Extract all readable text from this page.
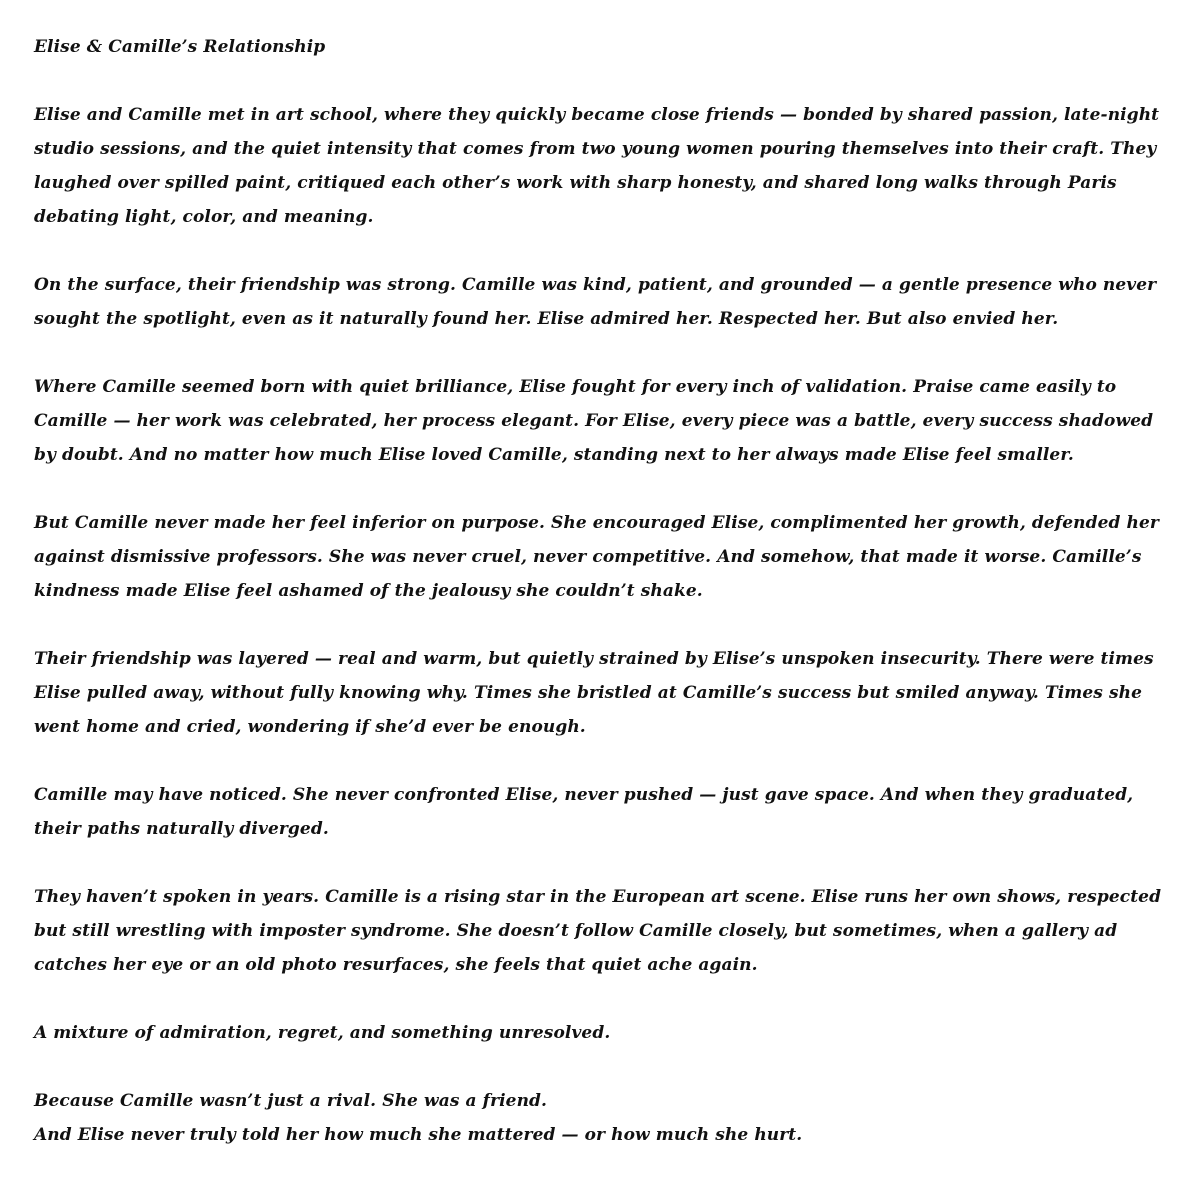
Elise & Camille’s Relationship
Elise and Camille met in art school, where they quickly became close friends — bonded by shared passion, late-night
studio sessions, and the quiet intensity that comes from two young women pouring themselves into their craft. They
laughed over spilled paint, critiqued each other’s work with sharp honesty, and shared long walks through Paris
debating light, color, and meaning.
On the surface, their friendship was strong. Camille was kind, patient, and grounded — a gentle presence who never
sought the spotlight, even as it naturally found her. Elise admired her. Respected her. But also envied her.
Where Camille seemed born with quiet brilliance, Elise fought for every inch of validation. Praise came easily to
Camille — her work was celebrated, her process elegant. For Elise, every piece was a battle, every success shadowed
by doubt. And no matter how much Elise loved Camille, standing next to her always made Elise feel smaller.
But Camille never made her feel inferior on purpose. She encouraged Elise, complimented her growth, defended her
against dismissive professors. She was never cruel, never competitive. And somehow, that made it worse. Camille’s
kindness made Elise feel ashamed of the jealousy she couldn’t shake.
Their friendship was layered — real and warm, but quietly strained by Elise’s unspoken insecurity. There were times
Elise pulled away, without fully knowing why. Times she bristled at Camille’s success but smiled anyway. Times she
went home and cried, wondering if she’d ever be enough.
Camille may have noticed. She never confronted Elise, never pushed — just gave space. And when they graduated,
their paths naturally diverged.
They haven’t spoken in years. Camille is a rising star in the European art scene. Elise runs her own shows, respected
but still wrestling with imposter syndrome. She doesn’t follow Camille closely, but sometimes, when a gallery ad
catches her eye or an old photo resurfaces, she feels that quiet ache again.
A mixture of admiration, regret, and something unresolved.
Because Camille wasn’t just a rival. She was a friend.
And Elise never truly told her how much she mattered — or how much she hurt.
